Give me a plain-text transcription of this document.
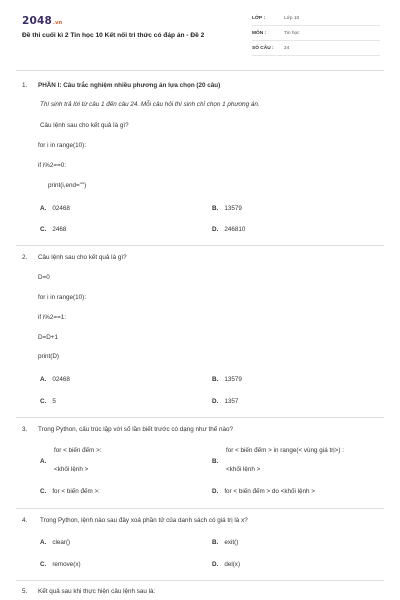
2048.vn
Đề thi cuối kì 2 Tin học 10 Kết nối tri thức có đáp án - Đề 2
LỚP :	Lớp 10
MÔN :	Tin học
SỐ CÂU : 24
1. PHẦN I: Câu trắc nghiệm nhiều phương án lựa chọn (20 câu)
Thí sinh trả lời từ câu 1 đến câu 24. Mỗi câu hỏi thí sinh chỉ chọn 1 phương án.
Câu lệnh sau cho kết quả là gì?
for i in range(10):
if i%2==0:
print(i,end="")
A. 02468	B. 13579
C. 2468	D. 246810
2. Câu lệnh sau cho kết quả là gì?
D=0
for i in range(10):
if i%2==1:
D=D+1
print(D)
A. 02468	B. 13579
C. 5	D. 1357
3. Trong Python, cấu trúc lặp với số lần biết trước có dạng như thế nào?
A.
for < biến đếm >:
<khối lệnh >
B.
for < biến đếm > in range(< vùng giá trị>) :
<khối lệnh >
C. for < biến đếm >:	D. for < biến đếm > do <khối lệnh >
4. Trong Python, lệnh nào sau đây xoá phần tử của danh sách có giá trị là x?
A. clear()	B. exit()
C. remove(x)	D. del(x)
5. Kết quả sau khi thực hiện câu lệnh sau là:
